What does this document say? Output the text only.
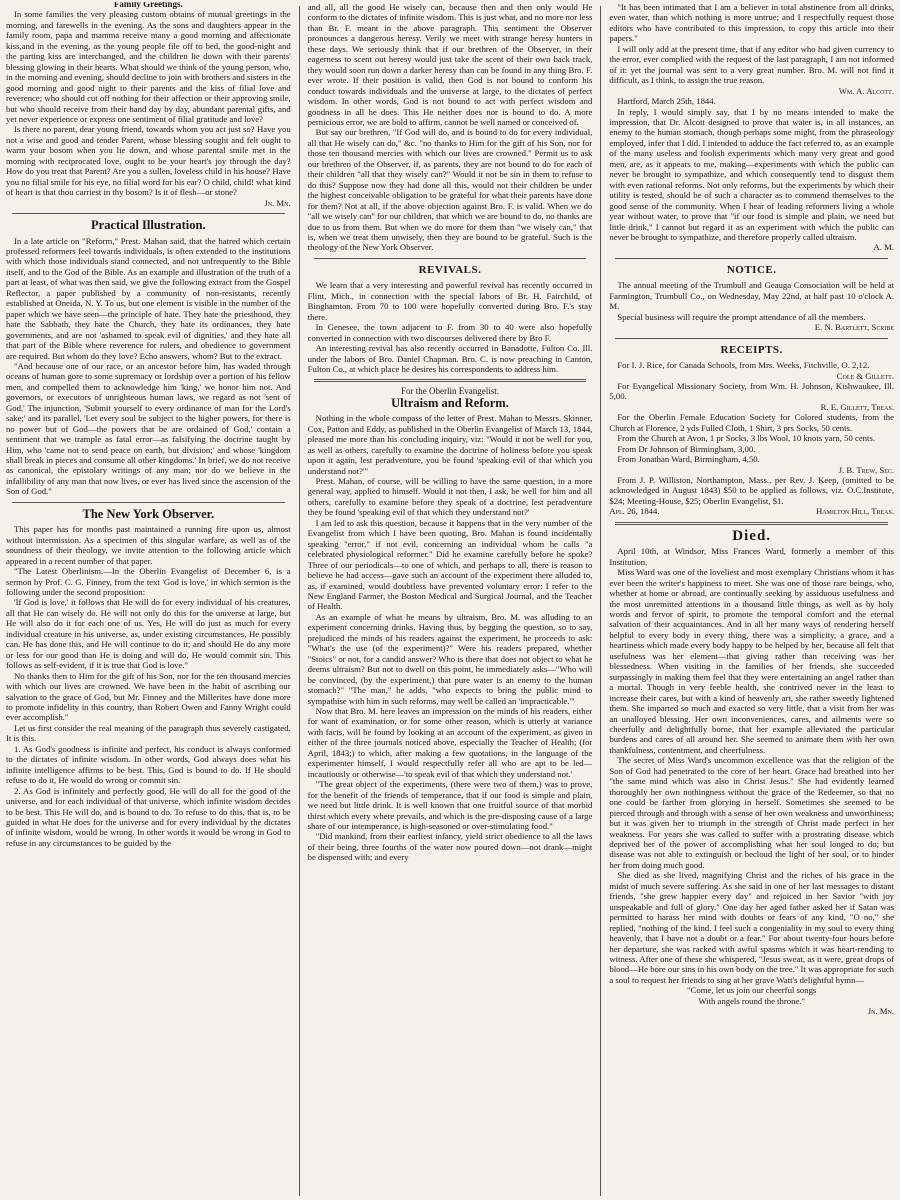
Family Greetings.

In some families the very pleasing custom obtains of mutual greetings in the morning, and farewells in the evening. As the sons and daughters appear in the family room, papa and mamma receive many a good morning and affectionate kiss,and in the evening, as the young people file off to bed, the good-night and the parting kiss are interchanged, and the children lie down with their parents' blessing glowing in their hearts. What should we think of the young person, who, in the morning and evening, should decline to join with brothers and sisters in the good morning and good night to their parents and the kiss of filial love and reverence; who should cut off nothing for their affection or their approving smile, but who should receive from their hand day by day, abundant parental gifts, and yet never experience or express one sentiment of filial gratitude and love?

Is there no parent, dear young friend, towards whom you act just so? Have you not a wise and good and tender Parent, whose blessing sought and felt ought to warm your bosom when you lie down, and whose parental smile met in the morning with reciprocated love, ought to be your heart's joy through the day? How do you treat that Parent? Are you a sullen, loveless child in his house? Have you no filial smile for his eye, no filial word for his ear? O child, child! what kind of heart is that thou carriest in thy bosom? Is it of flesh—or stone?

Jn. Mn.

Practical Illustration.

In a late article on "Reform," Prest. Mahan said, that the hatred which certain professed reformers feel towards individuals, is often extended to the institutions with which those individuals stand connected, and not unfrequently to the Bible itself, and to the God of the Bible. As an example and illustration of the truth of a part at least, of what was then said, we give the following extract from the Gospel Reflector, a paper published by a community of non-resistants, recently established at Oneida, N. Y. To us, but one element is visible in the number of the paper which we have seen—the principle of hate. They hate the priesthood, they hate the Sabbath, they hate the Church, they hate its ordinances, they hate governments, and are not 'ashamed to speak evil of dignities,' and they hate all that part of the Bible where reverence for rulers, and obedience to government are required. But whom do they love? Echo answers, whom? But to the extract.

"And because one of our race, or an ancestor before him, has waded through oceans of human gore to some supremacy or lordship over a portion of his fellow men, and compelled them to acknowledge him 'king,' we honor him not. And governors, or executors of unrighteous human laws, we regard as not 'sent of God.' The injunction, 'Submit yourself to every ordinance of man for the Lord's sake;' and its parallel, 'Let every soul be subject to the higher powers, for there is no power but of God—the powers that be are ordained of God,' contain a sentiment that we trample as fatal error—as falsifying the doctrine taught by Him, who 'came not to send peace on earth, but division;' and whose 'kingdom shall break in pieces and consume all other kingdoms.' In brief, we do not receive as canonical, the epistolary writings of any man; nor do we believe in the infallibility of any man that now lives, or ever has lived since the ascension of the Son of God."

The New York Observer.

This paper has for months past maintained a running fire upon us, almost without intermission. As a specimen of this singular warfare, as well as of the soundness of their theology, we invite attention to the following article which appeared in a recent number of that paper.

"The Latest Oberlinism.—In the Oberlin Evangelist of December 6, is a sermon by Prof. C. G. Finney, from the text 'God is love,' in which sermon is the following under the second proposition:

'If God is love,' it follows that He will do for every individual of his creatures, all that He can wisely do. He will not only do this for the universe at large, but He will also do it for each one of us. Yes, He will do just as much for every individual creature in his universe, as, under existing circumstances, He possibly can. He has done this, and He will continue to do it; and should He do any more or less for our good than He is doing and will do, He would commit sin. This follows as self-evident, if it is true that God is love."

No thanks then to Him for the gift of his Son, nor for the ten thousand mercies with which our lives are crowned. We have been in the habit of ascribing our salvation to the grace of God, but Mr. Finney and the Millerites have done more to promote infidelity in this country, than Robert Owen and Fanny Wright could ever accomplish."

Let us first consider the real meaning of the paragraph thus severely castigated. It is this.

1. As God's goodness is infinite and perfect, his conduct is always conformed to the dictates of infinite wisdom. In other words, God always does what his infinite intelligence affirms to be best. This, God is bound to do. If He should refuse to do it, He would do wrong or commit sin.

2. As God is infinitely and perfectly good, He will do all for the good of the universe, and for each individual of that universe, which infinite wisdom decides to be best. This He will do, and is bound to do. To refuse to do this, that is, to be guided in what He does for the universe and for every individual by the dictates of infinite wisdom, would be wrong. In other words it would be wrong in God to refuse in any circumstances to be guided by the

and all, all the good He wisely can, because then and then only would He conform to the dictates of infinite wisdom. This is just what, and no more nor less than Br. F. meant in the above paragraph. This sentiment the Observer pronounces a dangerous heresy. Verily we meet with strange heresy hunters in these days. We seriously think that if our brethren of the Observer, in their eagerness to scent out heresy would just take the scent of their own back track, they would soon run down a darker heresy than can be found in any thing Bro. F. ever wrote. If their position is valid, then God is not bound to conform his conduct towards individuals and the universe at large, to the dictates of perfect wisdom. In other words, God is not bound to act with perfect wisdom and goodness in all he does. This He neither does nor is bound to do. A more pernicious error, we are bold to affirm, cannot be well named or conceived of.

But say our brethren, "If God will do, and is bound to do for every individual, all that He wisely can do," &c. "no thanks to Him for the gift of his Son, nor for those ten thousand mercies with which our lives are crowned." Permit us to ask our brethren of the Observer, if, as parents, they are not bound to do for each of their children "all that they wisely can?" Would it not be sin in them to refuse to do this? Suppose now they had done all this, would not their children be under the highest conceivable obligation to be grateful for what their parents have done for them? Not at all, if the above objection against Bro. F. is valid. When we do "all we wisely can" for our children, that which we are bound to do, no thanks are due to us from them. But when we do more for them than "we wisely can," that is, when we treat them unwisely, then they are bound to be grateful. Such is the theology of the New York Observer.

REVIVALS.

We learn that a very interesting and powerful revival has recently occurred in Flint, Mich., in connection with the special labors of Br. H. Fairchild, of Binghamton. From 70 to 100 were hopefully converted during Bro. F.'s stay there.

In Genesee, the town adjacent to F. from 30 to 40 were also hopefully converted in connection with two discourses delivered there by Bro F.

An interesting revival has also recently occurred in Banadotte, Fulton Co. Ill. under the labors of Bro. Daniel Chapman. Bro. C. is now preaching in Canton, Fulton Co., at which place he desires his correspondents to address him.

For the Oberlin Evangelist.
Ultraism and Reform.

Nothing in the whole compass of the letter of Prest. Mahan to Messrs. Skinner, Cox, Patton and Eddy, as published in the Oberlin Evangelist of March 13, 1844, pleased me more than his concluding inquiry, viz: "Would it not be well for you, as well as others, carefully to examine the doctrine of holiness before you speak upon it again, lest peradventure, you be found 'speaking evil of that which you understand not?'"

Prest. Mahan, of course, will be willing to have the same question, in a more general way, applied to himself. Would it not then, I ask, be well for him and all others, carefully to examine before they speak of a doctrine, lest peradventure they be found 'speaking evil of that which they understand not?'

I am led to ask this question, because it happens that in the very number of the Evangelist from which I have been quoting, Bro. Mahan is found incidentally speaking "error," if not evil, concerning an individual whom he calls "a celebrated physiological reformer." Did he examine carefully before he spoke? Three of our periodicals—to one of which, and perhaps to all, there is reason to believe he had access—gave such an account of the experiment there alluded to, as, if examined, would doubtless have prevented voluntary error: I refer to the New England Farmer, the Boston Medical and Surgical Journal, and the Teacher of Health.

As an example of what he means by ultraism, Bro. M. was alluding to an experiment concerning drinks. Having thus, by begging the question, so to say, prejudiced the minds of his readers against the experiment, he proceeds to ask: "What's the use (of the experiment)?" Were his readers prepared, whether "Stoics" or not, for a candid answer? Who is there that does not object to what he deems ultraism? But not to dwell on this point, he immediately asks—"Who will be convinced, (by the experiment,) that pure water is an enemy to the human stomach?" "The man," he adds, "who expects to bring the public mind to sympathise with him in such reforms, may well be called an 'impracticable.'"

Now that Bro. M. here leaves an impression on the minds of his readers, either for want of examination, or for some other reason, which is utterly at variance with facts, will be found by looking at an account of the experiment, as given in either of the three journals noticed above, especially the Teacher of Health; (for April, 1843;) to which, after making a few quotations, in the language of the experimenter himself, I would respectfully refer all who are apt to be led—incautiously or otherwise—'to speak evil of that which they understand not.'

"The great object of the experiments, (there were two of them,) was to prove, for the benefit of the friends of temperance, that if our food is simple and plain, we need but little drink. It is well known that one fruitful source of that morbid thirst which every where prevails, and which is the pre-disposing cause of a large share of our intemperance, is high-seasoned or over-stimulating food."

"Did mankind, from their earliest infancy, yield strict obedience to all the laws of their being, three fourths of the water now poured down—not drank—might be dispensed with; and every

"It has been intimated that I am a believer in total abstinence from all drinks, even water, than which nothing is more untrue; and I respectfully request those editors who have contributed to this impression, to copy this article into their papers."

I will only add at the present time, that if any editor who had given currency to the error, ever complied with the request of the last paragraph, I am not informed of it: yet the journal was sent to a very great number. Bro. M. will not find it difficult, as I think, to assign the true reason.

Wm. A. Alcott.

Hartford, March 25th, 1844.

In reply, I would simply say, that I by no means intended to make the impression, that Dr. Alcott designed to prove that water is, in all instances, an enemy to the human stomach, though perhaps some might, from the phraseology employed, infer that I did. I intended to adduce the fact referred to, as an example of the many useless and foolish experiments which many very great and good men, are, as it appears to me, making—experiments with which the public can never be brought to sympathize, and which consequently tend to disgust them with even rational reforms. Not only reforms, but the experiments by which their utility is tested, should be of such a character as to commend themselves to the good sense of the community. When I hear of leading reformers living a whole year without water, to prove that "if our food is simple and plain, we need but little drink," I cannot but regard it as an experiment with which the public can never be brought to sympathize, and therefore properly called ultraism.

A. M.

NOTICE.

The annual meeting of the Trumbull and Geauga Consociation will be held at Farmington, Trumbull Co., on Wednesday, May 22nd, at half past 10 o'clock A. M.

Special business will require the prompt attendance of all the members.

E. N. Bartlett, Scribe

RECEIPTS.

For I. J. Rice, for Canada Schools, from Mrs. Weeks, Fitchville, O. 2,12.

Cole & Gillett.

For Evangelical Missionary Society, from Wm. H. Johnson, Kishwaukee, Ill. 5,00.

R. E. Gillett, Treas.

For the Oberlin Female Education Society for Colored students, from the Church at Florence, 2 yds Fulled Cloth, 1 Shirt, 3 prs Socks, 50 cents.

From the Church at Avon, 1 pr Socks, 3 lbs Wool, 10 knots yarn, 50 cents.

From Dr Johnson of Birmingham, 3,00.

From Jonathan Ward, Birmingham, 4,50.

J. B. Trew, Sec.

From J. P. Williston, Northampton, Mass., per Rev. J. Keep, (omitted to be acknowledged in August 1843) $50 to be applied as follows, viz. O.C.Institute, $24; Meeting-House, $25; Oberlin Evangelist, $1.

Apl. 26, 1844.	Hamilton Hill, Treas.
Died.

April 10th, at Windsor, Miss Frances Ward, formerly a member of this Institution.

Miss Ward was one of the loveliest and most exemplary Christians whom it has ever been the writer's happiness to meet. She was one of those rare beings, who, whether at home or abroad, are continually seeking by assiduous usefulness and the most unremitted attentions in a thousand little things, as well as by holy words and fervor of spirit, to promote the temporal comfort and the eternal salvation of their acquaintances. And in all her many ways of rendering herself helpful to every body in every thing, there was a simplicity, a grace, and a heartiness which made every body happy to be helped by her, because all felt that usefulness was her element—that giving rather than receiving was her blessedness. When visiting in the families of her friends, she succeeded surpassingly in making them feel that they were entertaining an angel rather than a mortal. Though in very feeble health, she contrived never in the least to increase their cares, but with a kind of heavenly art, she rather sweetly lightened them. She imparted so much and exacted so very little, that a visit from her was an unalloyed blessing. Her own inconveniences, cares, and ailments were so cheerfully and delightfully borne, that her example alleviated the particular burdens and cares of all around her. She seemed to animate them with her own thankfulness, contentment, and cheerfulness.

The secret of Miss Ward's uncommon excellence was that the religion of the Son of God had penetrated to the core of her heart. Grace had breathed into her "the same mind which was also in Christ Jesus." She had evidently learned thoroughly her own nothingness without the grace of the Redeemer, so that no one could be farther from glorying in herself. Sometimes she seemed to be pierced through and through with a sense of her own weakness and unworthiness; but it was given her to triumph in the strength of Christ made perfect in her weakness. For years she was called to suffer with a prostrating disease which deprived her of the power of accomplishing what her soul longed to do; but disease was not able to extinguish or becloud the light of her soul, or to hinder her from doing much good.

She died as she lived, magnifying Christ and the riches of his grace in the midst of much severe suffering. As she said in one of her last messages to distant friends, "she grew happier every day" and rejoiced in her Savior "with joy unspeakable and full of glory." One day her aged father asked her if Satan was permitted to harass her mind with doubts or fears of any kind, "O no," she replied, "nothing of the kind. I feel such a congeniality in my soul to every thing heavenly, that I have not a doubt or a fear." For about twenty-four hours before her departure, she was racked with awful spasms which it was heart-rending to witness. After one of these she whispered, "Jesus sweat, as it were, great drops of blood—He bore our sins in his own body on the tree." It was appropriate for such a soul to request her friends to sing at her grave Watt's delightful hymn—

"Come, let us join our cheerful songs
With angels round the throne."

Jn. Mn.
